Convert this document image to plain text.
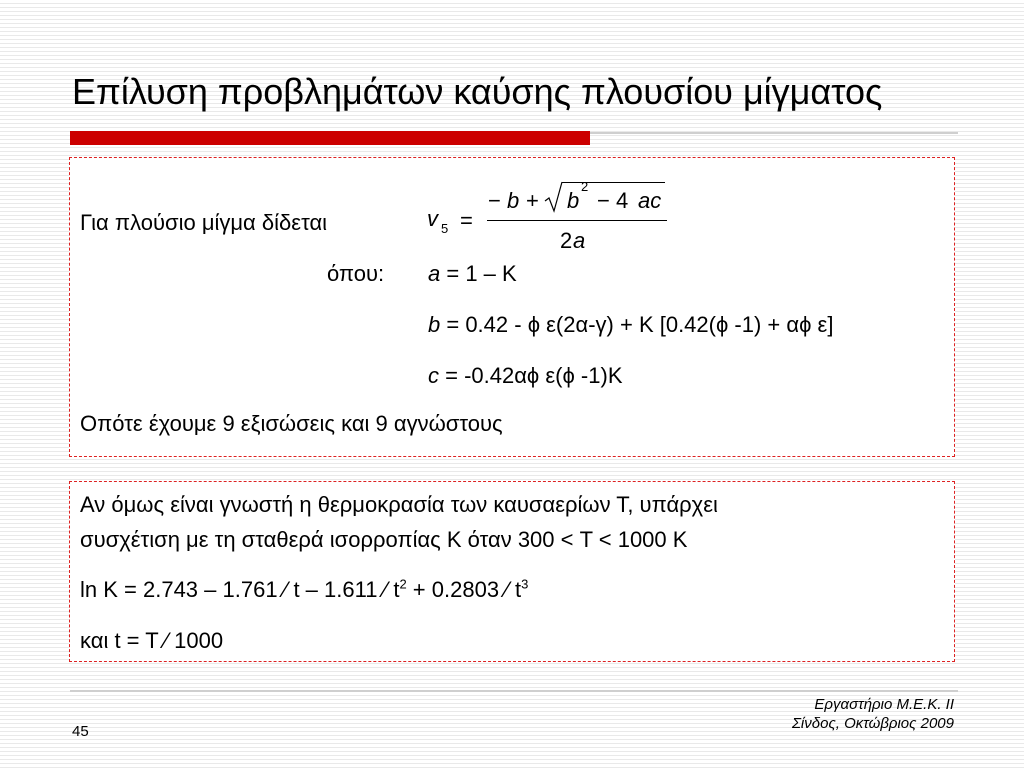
Επίλυση προβλημάτων καύσης πλουσίου μίγματος
Για πλούσιο μίγμα δίδεται	v 5 =
− b + b
2
− 4 ac
2 a
όπου: a = 1 – K
b = 0.42 - ϕ ε(2α-γ) + K [0.42(ϕ -1) + αϕ ε]
c = -0.42αϕ ε(ϕ -1)K
Οπότε έχουμε 9 εξισώσεις και 9 αγνώστους
Αν όμως είναι γνωστή η θερμοκρασία των καυσαερίων Τ, υπάρχει
συσχέτιση με τη σταθερά ισορροπίας Κ όταν 300 < T < 1000 K
ln K = 2.743 – 1.761 ⁄ t – 1.611 ⁄ $t^2 + 0.2803$ ⁄ $t^3$
και t = T ⁄ 1000
45
Εργαστήριο Μ.Ε.Κ. ΙΙ
Σίνδος, Οκτώβριος 2009
